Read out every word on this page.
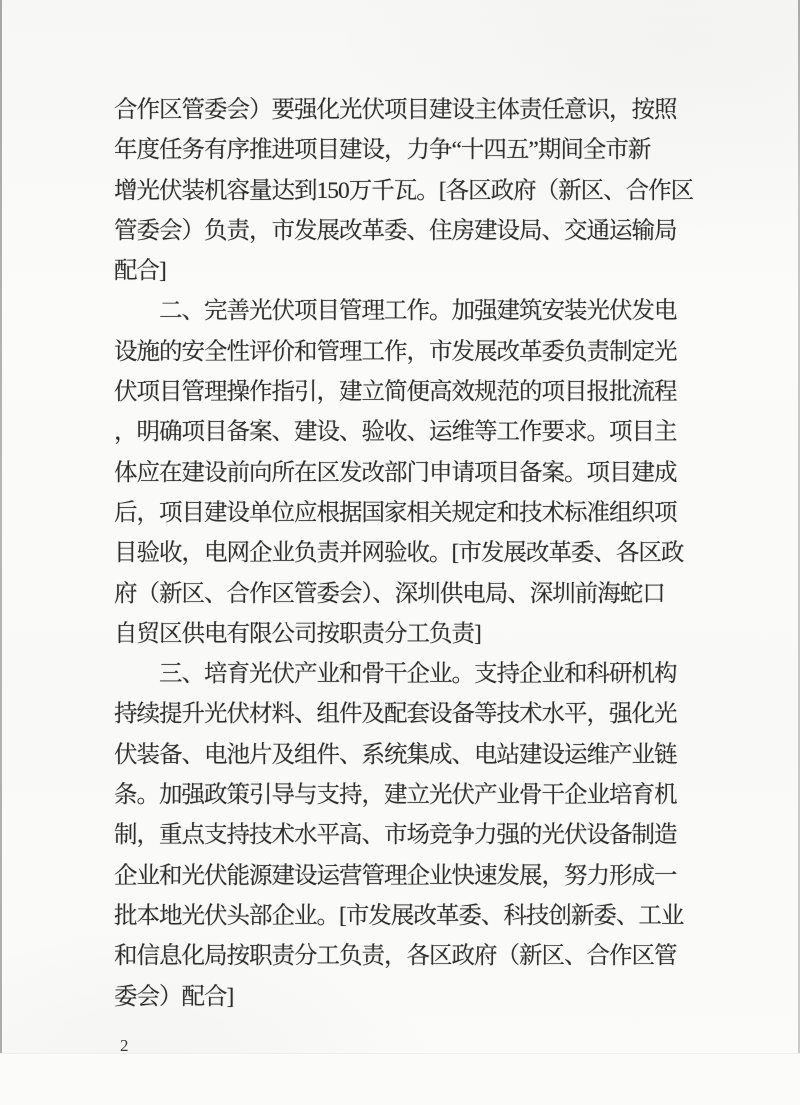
合作区管委会）要强化光伏项目建设主体责任意识，按照
年度任务有序推进项目建设，力争“十四五”期间全市新
增光伏装机容量达到150万千瓦。[各区政府（新区、合作区
管委会）负责，市发展改革委、住房建设局、交通运输局
配合]
二、完善光伏项目管理工作。加强建筑安装光伏发电
设施的安全性评价和管理工作，市发展改革委负责制定光
伏项目管理操作指引，建立简便高效规范的项目报批流程
，明确项目备案、建设、验收、运维等工作要求。项目主
体应在建设前向所在区发改部门申请项目备案。项目建成
后，项目建设单位应根据国家相关规定和技术标准组织项
目验收，电网企业负责并网验收。[市发展改革委、各区政
府（新区、合作区管委会）、深圳供电局、深圳前海蛇口
自贸区供电有限公司按职责分工负责]
三、培育光伏产业和骨干企业。支持企业和科研机构
持续提升光伏材料、组件及配套设备等技术水平，强化光
伏装备、电池片及组件、系统集成、电站建设运维产业链
条。加强政策引导与支持，建立光伏产业骨干企业培育机
制，重点支持技术水平高、市场竞争力强的光伏设备制造
企业和光伏能源建设运营管理企业快速发展，努力形成一
批本地光伏头部企业。[市发展改革委、科技创新委、工业
和信息化局按职责分工负责，各区政府（新区、合作区管
委会）配合]
2
